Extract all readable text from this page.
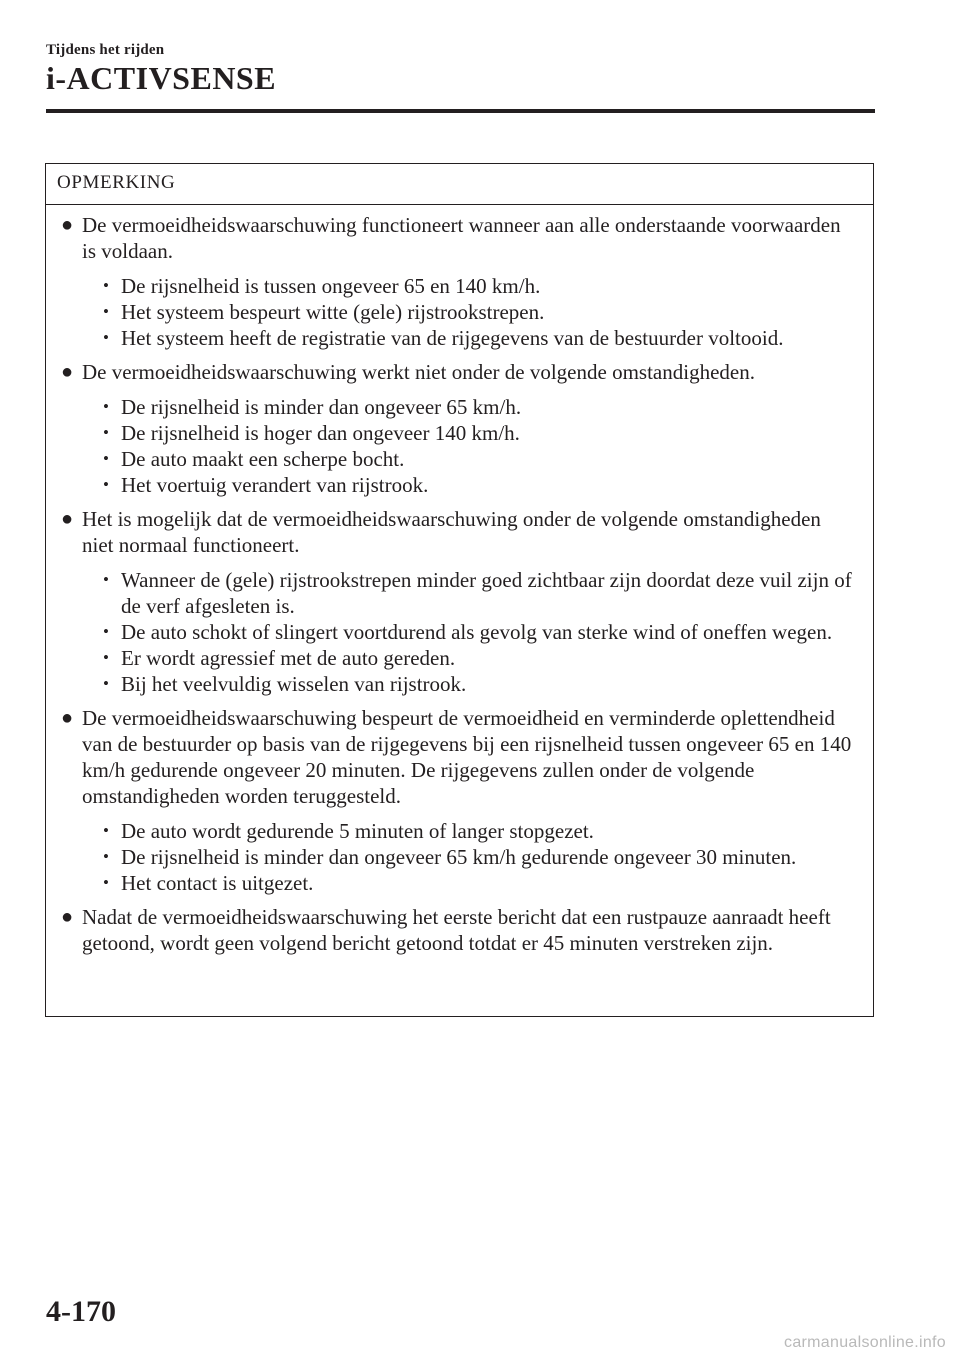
Tijdens het rijden
i-ACTIVSENSE
OPMERKING
● De vermoeidheidswaarschuwing functioneert wanneer aan alle onderstaande voorwaarden is voldaan.
• De rijsnelheid is tussen ongeveer 65 en 140 km/h.
• Het systeem bespeurt witte (gele) rijstrookstrepen.
• Het systeem heeft de registratie van de rijgegevens van de bestuurder voltooid.
● De vermoeidheidswaarschuwing werkt niet onder de volgende omstandigheden.
• De rijsnelheid is minder dan ongeveer 65 km/h.
• De rijsnelheid is hoger dan ongeveer 140 km/h.
• De auto maakt een scherpe bocht.
• Het voertuig verandert van rijstrook.
● Het is mogelijk dat de vermoeidheidswaarschuwing onder de volgende omstandigheden niet normaal functioneert.
• Wanneer de (gele) rijstrookstrepen minder goed zichtbaar zijn doordat deze vuil zijn of de verf afgesleten is.
• De auto schokt of slingert voortdurend als gevolg van sterke wind of oneffen wegen.
• Er wordt agressief met de auto gereden.
• Bij het veelvuldig wisselen van rijstrook.
● De vermoeidheidswaarschuwing bespeurt de vermoeidheid en verminderde oplettendheid van de bestuurder op basis van de rijgegevens bij een rijsnelheid tussen ongeveer 65 en 140 km/h gedurende ongeveer 20 minuten. De rijgegevens zullen onder de volgende omstandigheden worden teruggesteld.
• De auto wordt gedurende 5 minuten of langer stopgezet.
• De rijsnelheid is minder dan ongeveer 65 km/h gedurende ongeveer 30 minuten.
• Het contact is uitgezet.
● Nadat de vermoeidheidswaarschuwing het eerste bericht dat een rustpauze aanraadt heeft getoond, wordt geen volgend bericht getoond totdat er 45 minuten verstreken zijn.
4-170
carmanualsonline.info
